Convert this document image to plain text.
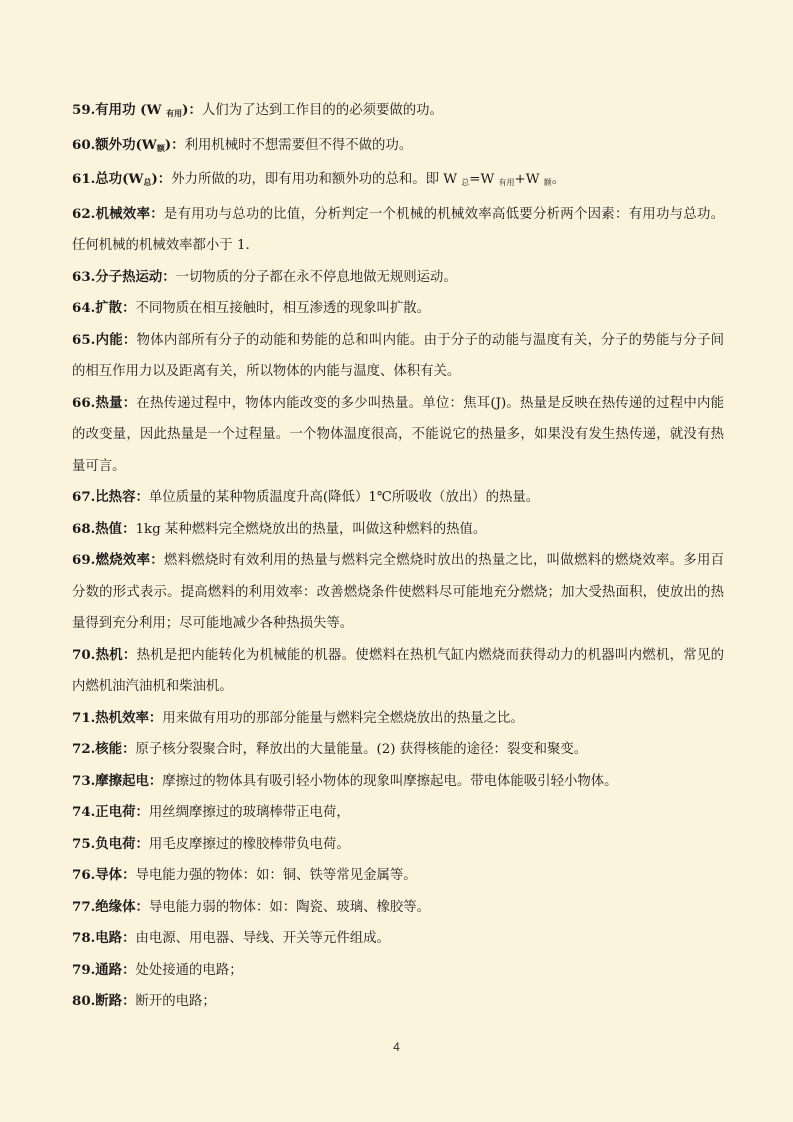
59.有用功 (W $_{有用}$)：人们为了达到工作目的的必须要做的功。

60.额外功$(W_额)$：利用机械时不想需要但不得不做的功。

61.总功$(W_总)$：外力所做的功，即有用功和额外功的总和。即 W 总=W 有用+W 额。

62.机械效率：是有用功与总功的比值，分析判定一个机械的机械效率高低要分析两个因素：有用功与总功。任何机械的机械效率都小于 1.

63.分子热运动：一切物质的分子都在永不停息地做无规则运动。

64.扩散：不同物质在相互接触时，相互渗透的现象叫扩散。

65.内能：物体内部所有分子的动能和势能的总和叫内能。由于分子的动能与温度有关，分子的势能与分子间的相互作用力以及距离有关，所以物体的内能与温度、体积有关。

66.热量：在热传递过程中，物体内能改变的多少叫热量。单位：焦耳(J)。热量是反映在热传递的过程中内能的改变量，因此热量是一个过程量。一个物体温度很高，不能说它的热量多，如果没有发生热传递，就没有热量可言。

67.比热容：单位质量的某种物质温度升高(降低）1℃所吸收（放出）的热量。

68.热值：1kg 某种燃料完全燃烧放出的热量，叫做这种燃料的热值。

69.燃烧效率：燃料燃烧时有效利用的热量与燃料完全燃烧时放出的热量之比，叫做燃料的燃烧效率。多用百分数的形式表示。提高燃料的利用效率：改善燃烧条件使燃料尽可能地充分燃烧；加大受热面积，使放出的热量得到充分利用；尽可能地减少各种热损失等。

70.热机：热机是把内能转化为机械能的机器。使燃料在热机气缸内燃烧而获得动力的机器叫内燃机，常见的内燃机油汽油机和柴油机。

71.热机效率：用来做有用功的那部分能量与燃料完全燃烧放出的热量之比。

72.核能：原子核分裂聚合时，释放出的大量能量。(2) 获得核能的途径：裂变和聚变。

73.摩擦起电：摩擦过的物体具有吸引轻小物体的现象叫摩擦起电。带电体能吸引轻小物体。

74.正电荷：用丝绸摩擦过的玻璃棒带正电荷，

75.负电荷：用毛皮摩擦过的橡胶棒带负电荷。

76.导体：导电能力强的物体：如：铜、铁等常见金属等。

77.绝缘体：导电能力弱的物体：如：陶瓷、玻璃、橡胶等。

78.电路：由电源、用电器、导线、开关等元件组成。

79.通路：处处接通的电路；

80.断路：断开的电路；

4
